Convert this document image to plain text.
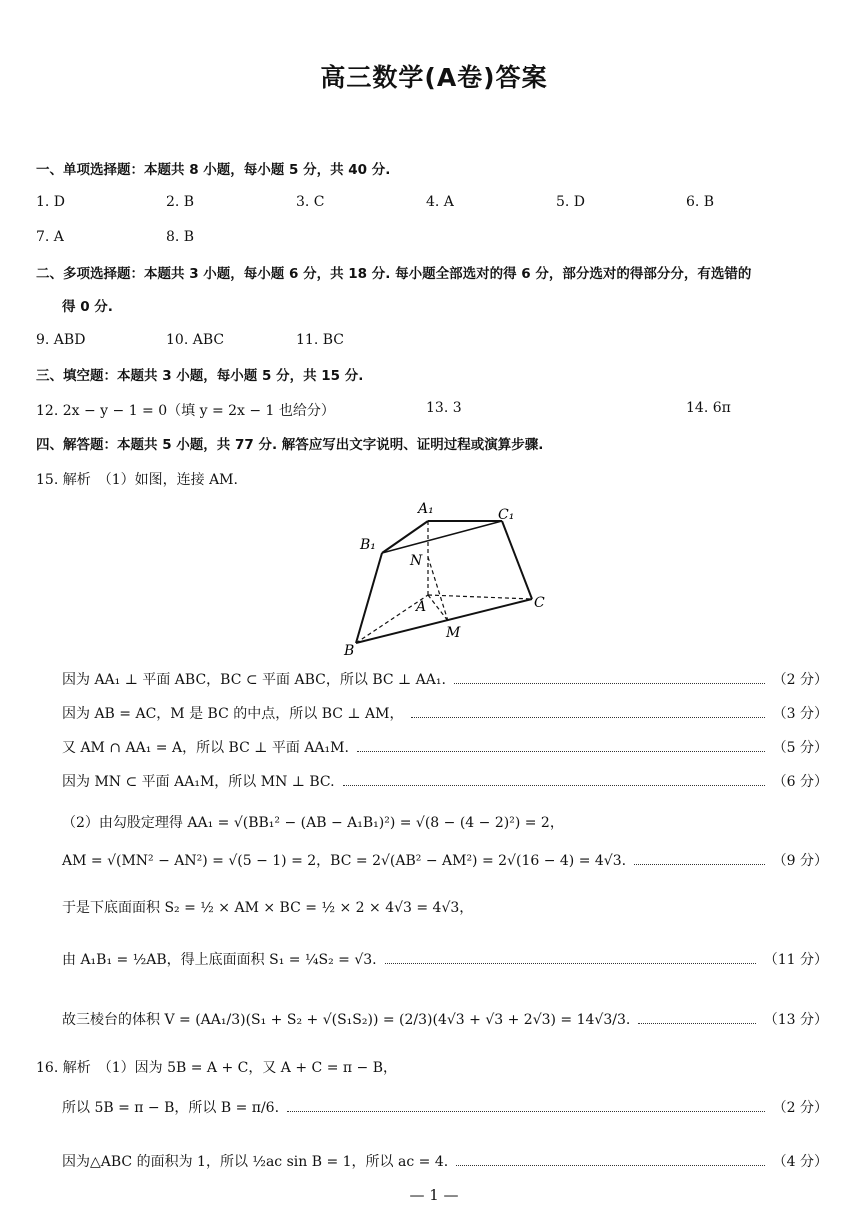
高三数学(A卷)答案
一、单项选择题：本题共 8 小题，每小题 5 分，共 40 分.
1. D	2. B	3. C	4. A	5. D	6. B
7. A	8. B
二、多项选择题：本题共 3 小题，每小题 6 分，共 18 分. 每小题全部选对的得 6 分，部分选对的得部分分，有选错的
得 0 分.
9. ABD	10. ABC	11. BC
三、填空题：本题共 3 小题，每小题 5 分，共 15 分.
12. 2x − y − 1 = 0（填 y = 2x − 1 也给分）	13. 3	14. 6π
四、解答题：本题共 5 小题，共 77 分. 解答应写出文字说明、证明过程或演算步骤.
15. 解析　（1）如图，连接 AM.
A₁	C₁
B₁
N
A	C
M
B
因为 AA₁ ⊥ 平面 ABC，BC ⊂ 平面 ABC，所以 BC ⊥ AA₁.	（2 分）
因为 AB = AC，M 是 BC 的中点，所以 BC ⊥ AM，	（3 分）
又 AM ∩ AA₁ = A，所以 BC ⊥ 平面 AA₁M.	（5 分）
因为 MN ⊂ 平面 AA₁M，所以 MN ⊥ BC.	（6 分）
（2）由勾股定理得 AA₁ = √(BB₁² − (AB − A₁B₁)²) = √(8 − (4 − 2)²) = 2，
AM = √(MN² − AN²) = √(5 − 1) = 2，BC = 2√(AB² − AM²) = 2√(16 − 4) = 4√3.	（9 分）
于是下底面面积 S₂ = ½ × AM × BC = ½ × 2 × 4√3 = 4√3，
由 A₁B₁ = ½AB，得上底面面积 S₁ = ¼S₂ = √3.	（11 分）
故三棱台的体积 V = (AA₁/3)(S₁ + S₂ + √(S₁S₂)) = (2/3)(4√3 + √3 + 2√3) = 14√3/3.	（13 分）
16. 解析　（1）因为 5B = A + C，又 A + C = π − B，
所以 5B = π − B，所以 B = π/6.	（2 分）
因为△ABC 的面积为 1，所以 ½ac sin B = 1，所以 ac = 4.	（4 分）
— 1 —
